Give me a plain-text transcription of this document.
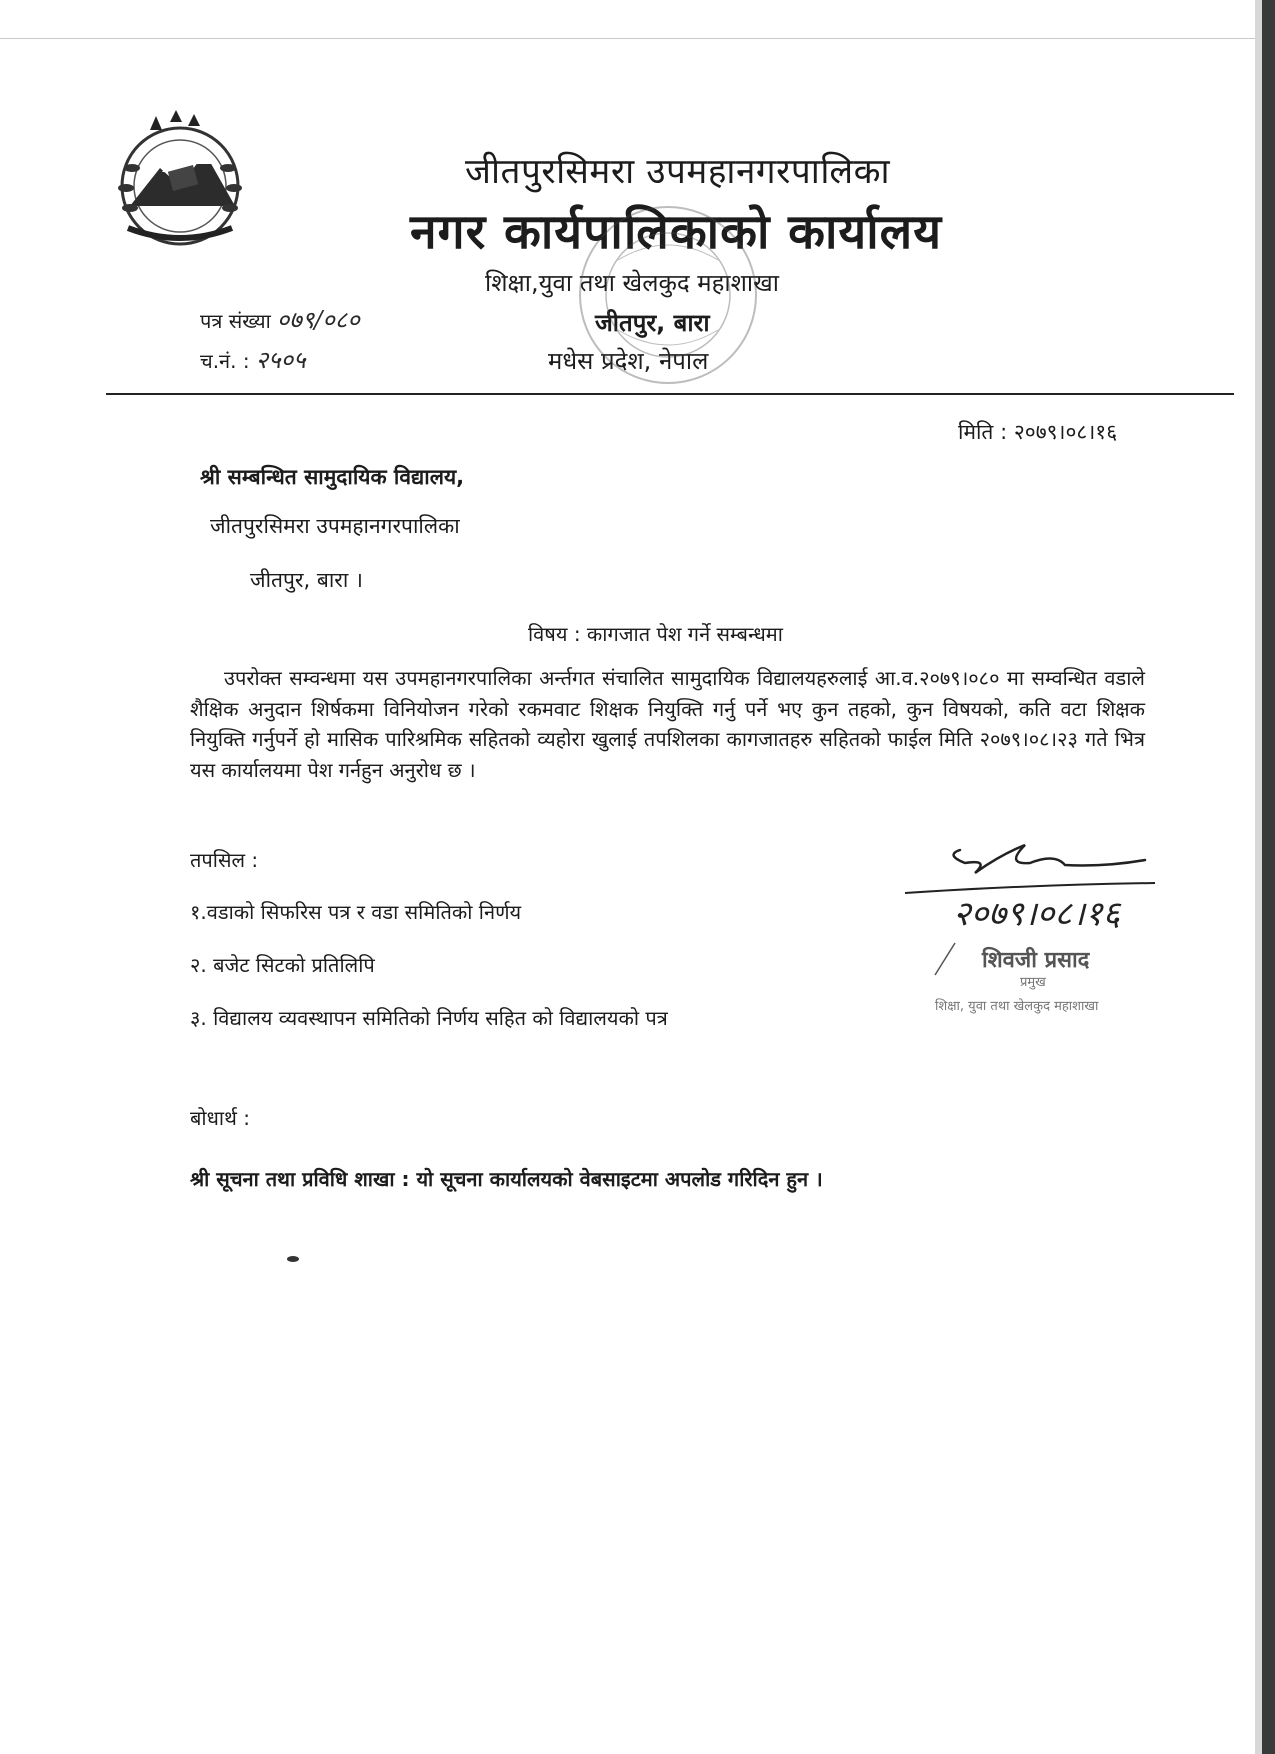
जीतपुरसिमरा उपमहानगरपालिका
नगर कार्यपालिकाको कार्यालय
शिक्षा,युवा तथा खेलकुद महाशाखा
जीतपुर, बारा
मधेस प्रदेश, नेपाल
पत्र संख्या ०७९/०८०
च.नं. : २५०५
मिति : २०७९।०८।१६
श्री सम्बन्धित सामुदायिक विद्यालय,
जीतपुरसिमरा उपमहानगरपालिका
जीतपुर, बारा ।
विषय : कागजात पेश गर्ने सम्बन्धमा
उपरोक्त सम्वन्धमा यस उपमहानगरपालिका अर्न्तगत संचालित सामुदायिक विद्यालयहरुलाई आ.व.२०७९।०८० मा सम्वन्धित वडाले शैक्षिक अनुदान शिर्षकमा विनियोजन गरेको रकमवाट शिक्षक नियुक्ति गर्नु पर्ने भए कुन तहको, कुन विषयको, कति वटा शिक्षक नियुक्ति गर्नुपर्ने हो मासिक पारिश्रमिक सहितको व्यहोरा खुलाई तपशिलका कागजातहरु सहितको फाईल मिति २०७९।०८।२३ गते भित्र यस कार्यालयमा पेश गर्नहुन अनुरोध छ ।
तपसिल :
१.वडाको सिफरिस पत्र र वडा समितिको निर्णय
२. बजेट सिटको प्रतिलिपि
३. विद्यालय व्यवस्थापन समितिको निर्णय सहित को विद्यालयको पत्र
२०७९।०८।१६
शिवजी प्रसाद
प्रमुख
शिक्षा, युवा तथा खेलकुद महाशाखा
बोधार्थ :
श्री सूचना तथा प्रविधि शाखा : यो सूचना कार्यालयको वेबसाइटमा अपलोड गरिदिन हुन ।
